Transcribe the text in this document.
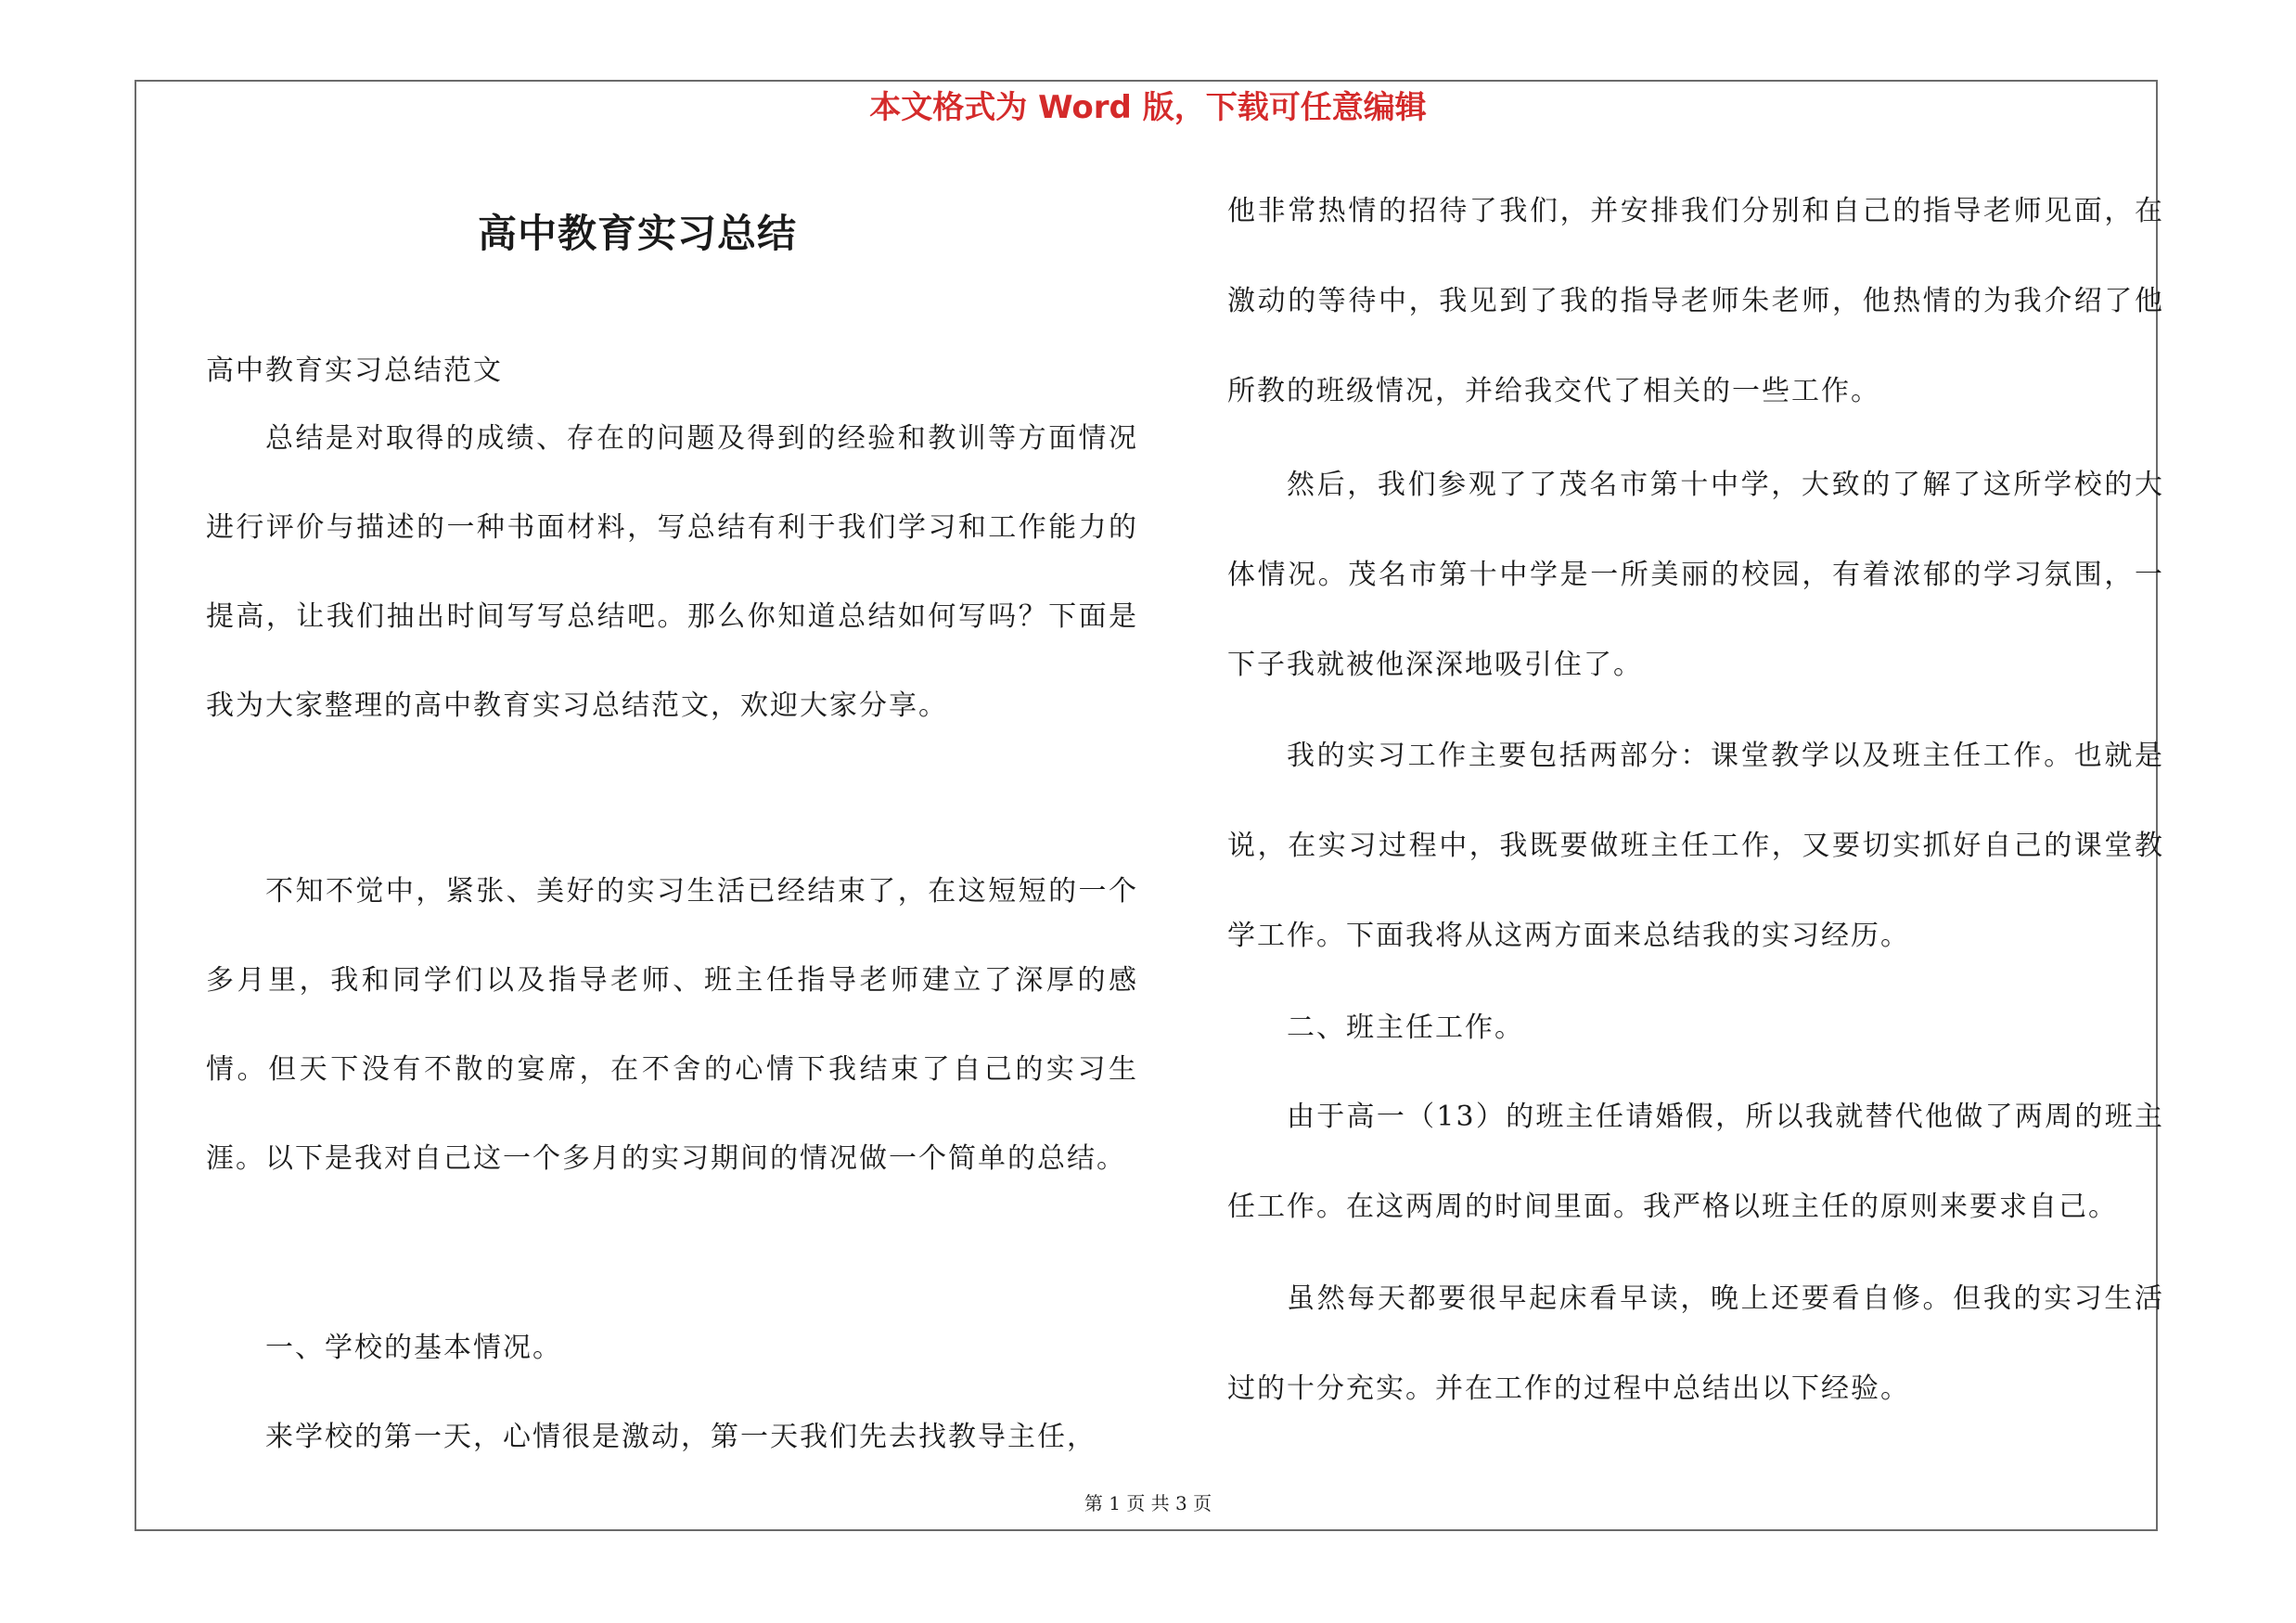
本文格式为 Word 版，下载可任意编辑
高中教育实习总结

高中教育实习总结范文

总结是对取得的成绩、存在的问题及得到的经验和教训等方面情况进行评价与描述的一种书面材料，写总结有利于我们学习和工作能力的提高，让我们抽出时间写写总结吧。那么你知道总结如何写吗？下面是我为大家整理的高中教育实习总结范文，欢迎大家分享。

不知不觉中，紧张、美好的实习生活已经结束了，在这短短的一个多月里，我和同学们以及指导老师、班主任指导老师建立了深厚的感情。但天下没有不散的宴席，在不舍的心情下我结束了自己的实习生涯。以下是我对自己这一个多月的实习期间的情况做一个简单的总结。

一、学校的基本情况。

来学校的第一天，心情很是激动，第一天我们先去找教导主任，

他非常热情的招待了我们，并安排我们分别和自己的指导老师见面，在激动的等待中，我见到了我的指导老师朱老师，他热情的为我介绍了他所教的班级情况，并给我交代了相关的一些工作。

然后，我们参观了了茂名市第十中学，大致的了解了这所学校的大体情况。茂名市第十中学是一所美丽的校园，有着浓郁的学习氛围，一下子我就被他深深地吸引住了。

我的实习工作主要包括两部分：课堂教学以及班主任工作。也就是说，在实习过程中，我既要做班主任工作，又要切实抓好自己的课堂教学工作。下面我将从这两方面来总结我的实习经历。

二、班主任工作。

由于高一（13）的班主任请婚假，所以我就替代他做了两周的班主任工作。在这两周的时间里面。我严格以班主任的原则来要求自己。

虽然每天都要很早起床看早读，晚上还要看自修。但我的实习生活过的十分充实。并在工作的过程中总结出以下经验。

第 1 页 共 3 页
